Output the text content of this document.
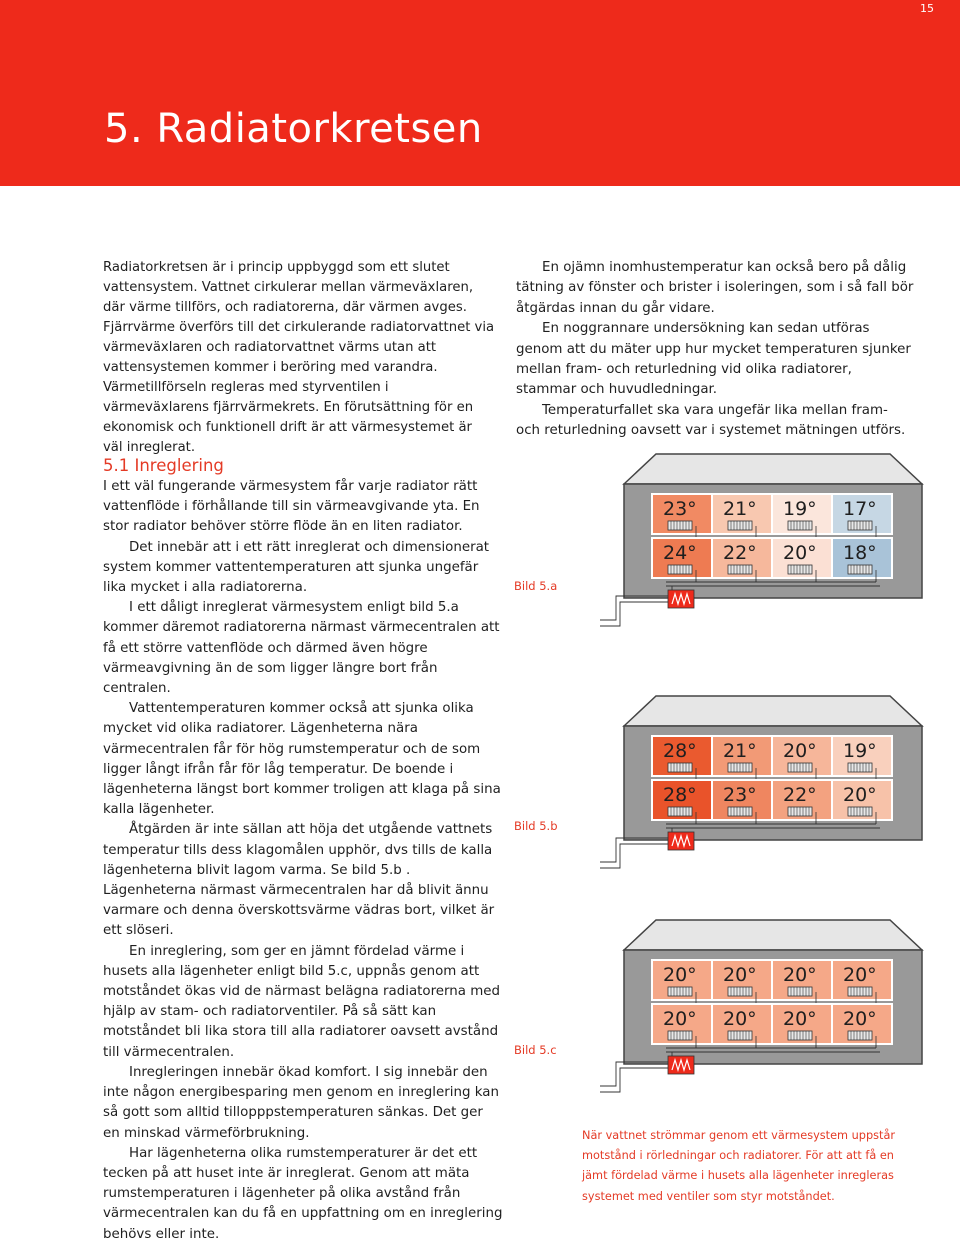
15
5. Radiatorkretsen

Radiatorkretsen är i princip uppbyggd som ett slutet vattensystem. Vattnet cirkulerar mellan värmeväxlaren, där värme tillförs, och radiatorerna, där värmen avges. Fjärrvärme överförs till det cirkulerande radiatorvattnet via värmeväxlaren och radiatorvattnet värms utan att vattensystemen kommer i beröring med varandra. Värmetillförseln regleras med styrventilen i värmeväxlarens fjärrvärmekrets. En förutsättning för en ekonomisk och funktionell drift är att värmesystemet är väl inreglerat.

En ojämn inomhustemperatur kan också bero på dålig tätning av fönster och brister i isoleringen, som i så fall bör åtgärdas innan du går vidare.

En noggrannare undersökning kan sedan utföras genom att du mäter upp hur mycket temperaturen sjunker mellan fram- och returledning vid olika radiatorer, stammar och huvudledningar.

Temperaturfallet ska vara ungefär lika mellan fram- och returledning oavsett var i systemet mätningen utförs.

5.1 Inreglering

I ett väl fungerande värmesystem får varje radiator rätt vattenflöde i förhållande till sin värmeavgivande yta. En stor radiator behöver större flöde än en liten radiator.

Det innebär att i ett rätt inreglerat och dimensionerat system kommer vattentemperaturen att sjunka ungefär lika mycket i alla radiatorerna.

I ett dåligt inreglerat värmesystem enligt bild 5.a kommer däremot radiatorerna närmast värmecentralen att få ett större vattenflöde och därmed även högre värmeavgivning än de som ligger längre bort från centralen.

Vattentemperaturen kommer också att sjunka olika mycket vid olika radiatorer. Lägenheterna nära värmecentralen får för hög rumstemperatur och de som ligger långt ifrån får för låg temperatur. De boende i lägenheterna längst bort kommer troligen att klaga på sina kalla lägenheter.

Åtgärden är inte sällan att höja det utgående vattnets temperatur tills dess klagomålen upphör, dvs tills de kalla lägenheterna blivit lagom varma. Se bild 5.b . Lägenheterna närmast värmecentralen har då blivit ännu varmare och denna överskottsvärme vädras bort, vilket är ett slöseri.

En inreglering, som ger en jämnt fördelad värme i husets alla lägenheter enligt bild 5.c, uppnås genom att motståndet ökas vid de närmast belägna radiatorerna med hjälp av stam- och radiatorventiler. På så sätt kan motståndet bli lika stora till alla radiatorer oavsett avstånd till värmecentralen.

Inregleringen innebär ökad komfort. I sig innebär den inte någon energibesparing men genom en inreglering kan så gott som alltid tillopppstemperaturen sänkas. Det ger en minskad värmeförbrukning.

Har lägenheterna olika rumstemperaturer är det ett tecken på att huset inte är inreglerat. Genom att mäta rumstemperaturen i lägenheter på olika avstånd från värmecentralen kan du få en uppfattning om en inreglering behövs eller inte.

Bild 5.a
Bild 5.b
Bild 5.c
23° 21° 19° 17°
24° 22° 20° 18°
28° 21° 20° 19°
28° 23° 22° 20°
20° 20° 20° 20°
20° 20° 20° 20°
När vattnet strömmar genom ett värmesystem uppstår motstånd i rörledningar och radiatorer. För att att få en jämt fördelad värme i husets alla lägenheter inregleras systemet med ventiler som styr motståndet.
